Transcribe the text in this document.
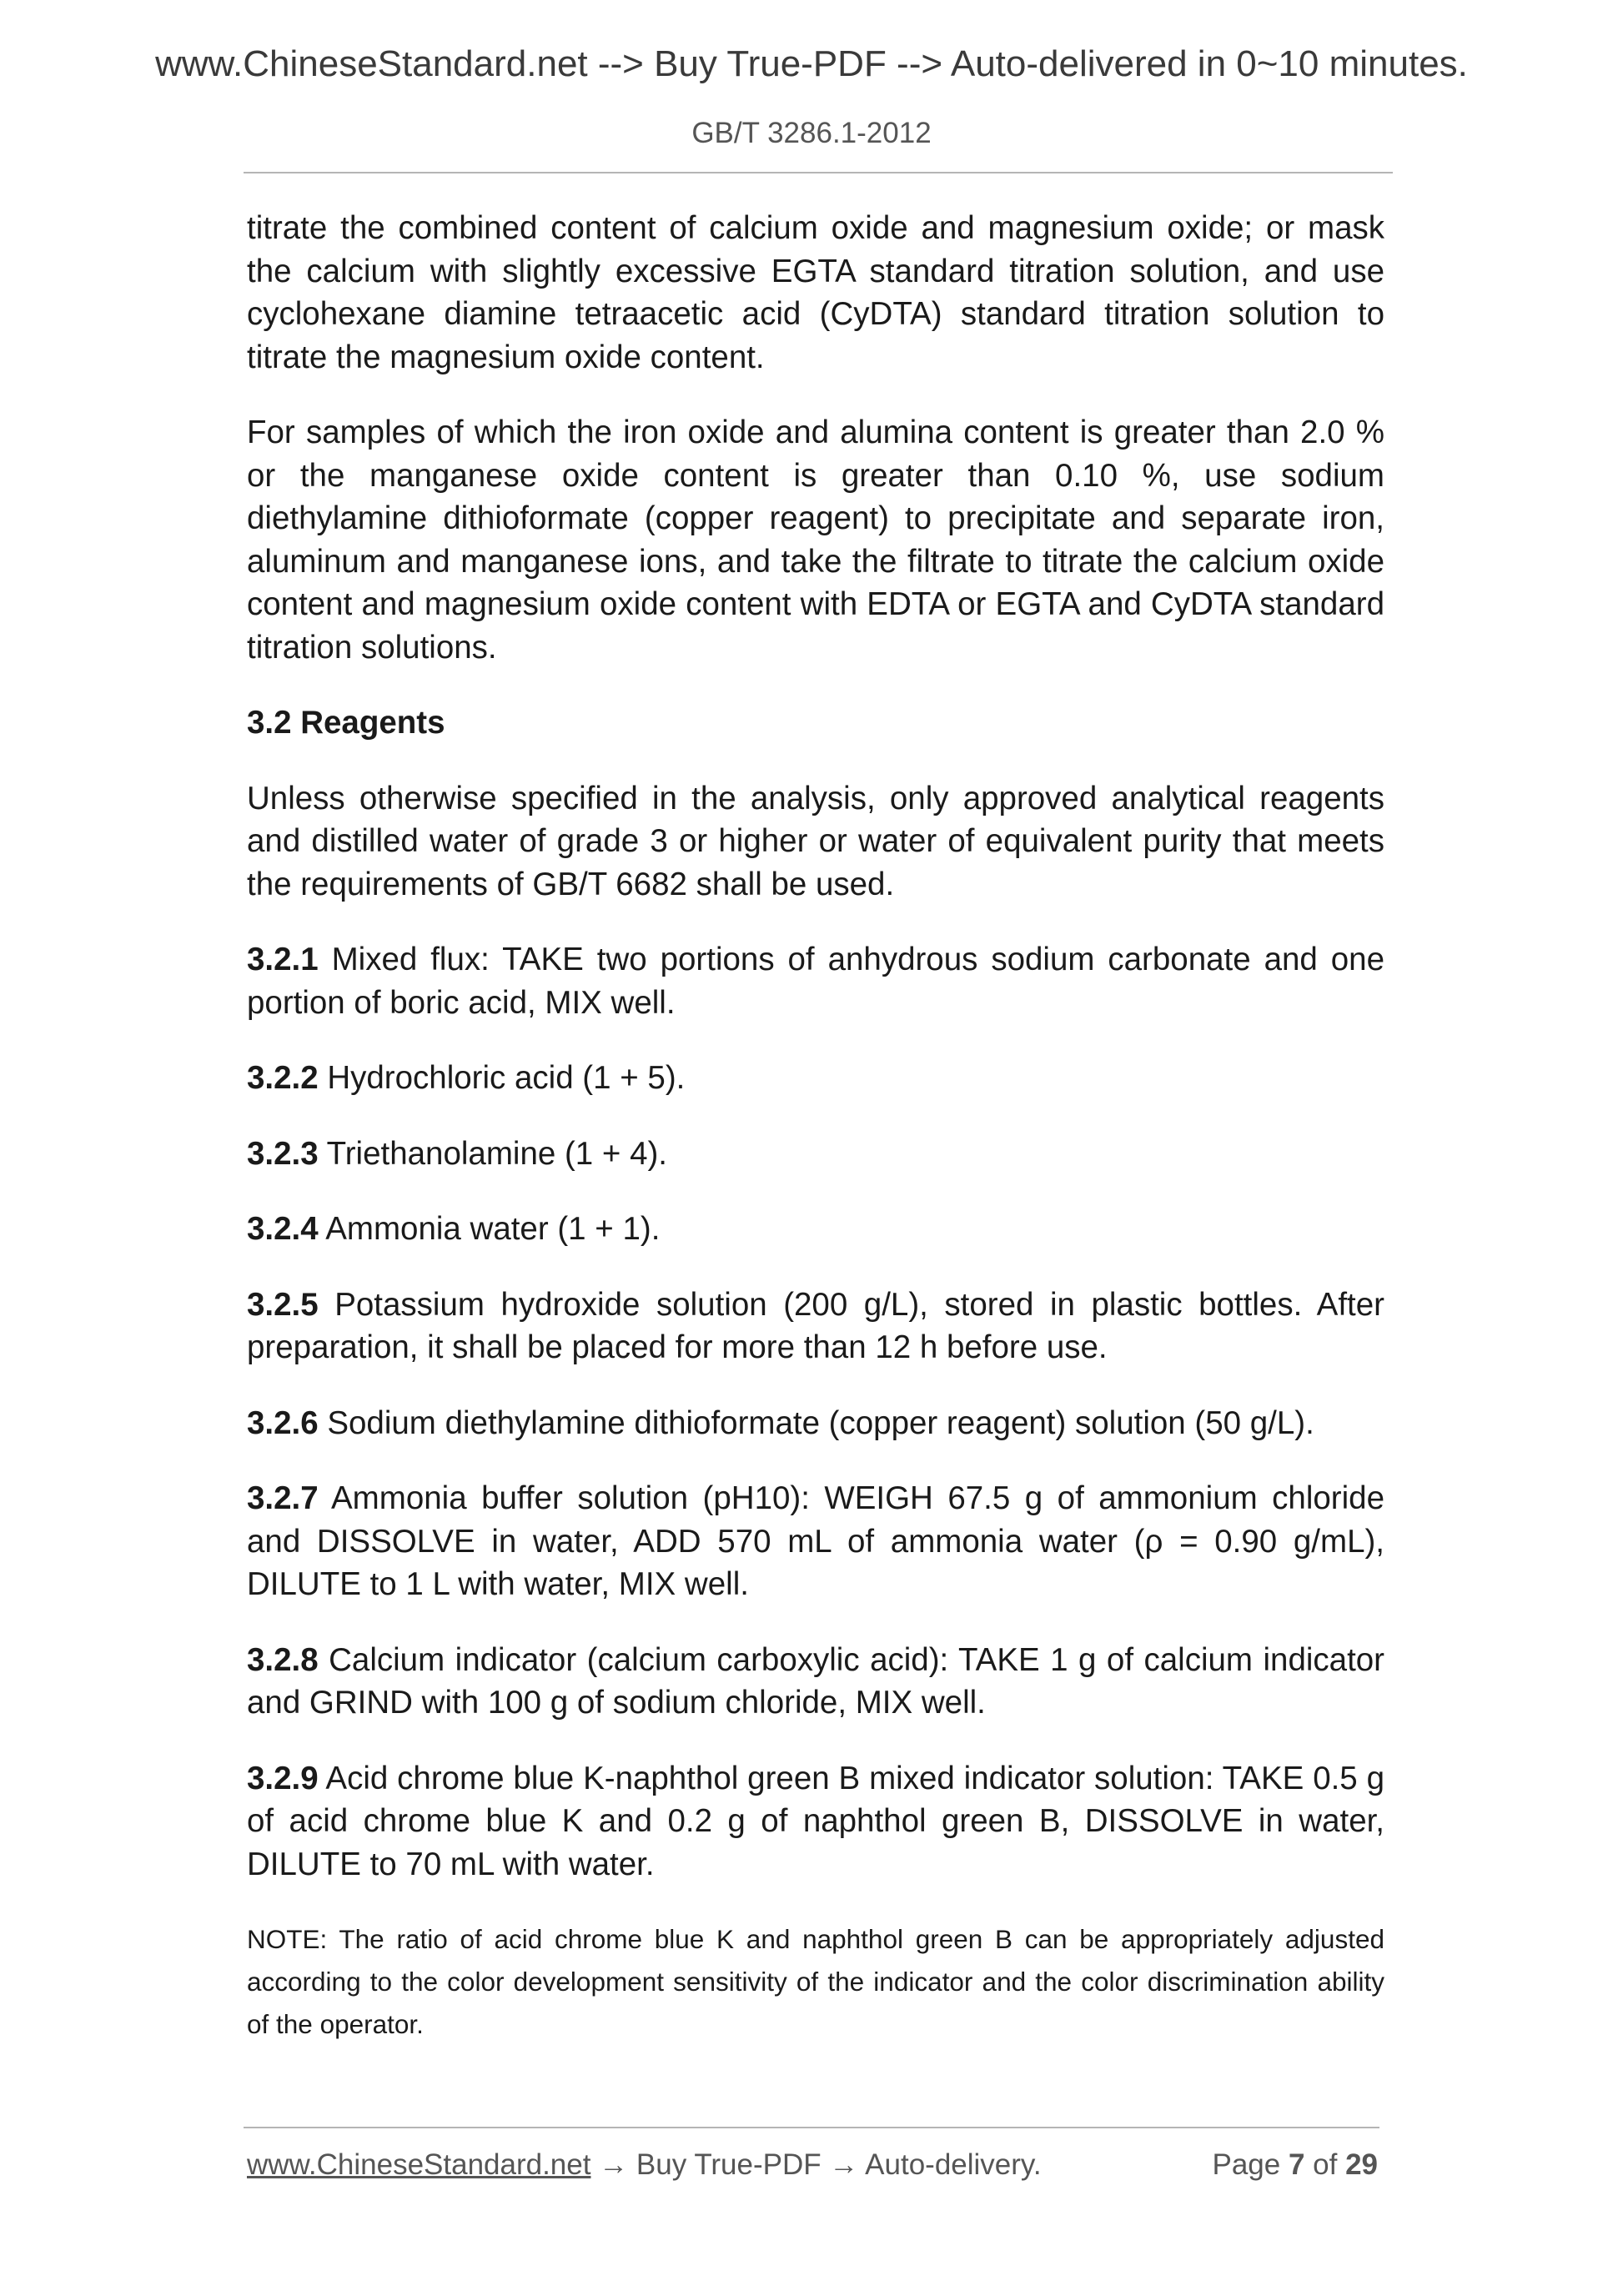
www.ChineseStandard.net --> Buy True-PDF --> Auto-delivered in 0~10 minutes.
GB/T 3286.1-2012

titrate the combined content of calcium oxide and magnesium oxide; or mask the calcium with slightly excessive EGTA standard titration solution, and use cyclohexane diamine tetraacetic acid (CyDTA) standard titration solution to titrate the magnesium oxide content.

For samples of which the iron oxide and alumina content is greater than 2.0 % or the manganese oxide content is greater than 0.10 %, use sodium diethylamine dithioformate (copper reagent) to precipitate and separate iron, aluminum and manganese ions, and take the filtrate to titrate the calcium oxide content and magnesium oxide content with EDTA or EGTA and CyDTA standard titration solutions.

3.2 Reagents

Unless otherwise specified in the analysis, only approved analytical reagents and distilled water of grade 3 or higher or water of equivalent purity that meets the requirements of GB/T 6682 shall be used.

3.2.1 Mixed flux: TAKE two portions of anhydrous sodium carbonate and one portion of boric acid, MIX well.

3.2.2 Hydrochloric acid (1 + 5).

3.2.3 Triethanolamine (1 + 4).

3.2.4 Ammonia water (1 + 1).

3.2.5 Potassium hydroxide solution (200 g/L), stored in plastic bottles. After preparation, it shall be placed for more than 12 h before use.

3.2.6 Sodium diethylamine dithioformate (copper reagent) solution (50 g/L).

3.2.7 Ammonia buffer solution (pH10): WEIGH 67.5 g of ammonium chloride and DISSOLVE in water, ADD 570 mL of ammonia water (ρ = 0.90 g/mL), DILUTE to 1 L with water, MIX well.

3.2.8 Calcium indicator (calcium carboxylic acid): TAKE 1 g of calcium indicator and GRIND with 100 g of sodium chloride, MIX well.

3.2.9 Acid chrome blue K-naphthol green B mixed indicator solution: TAKE 0.5 g of acid chrome blue K and 0.2 g of naphthol green B, DISSOLVE in water, DILUTE to 70 mL with water.

NOTE: The ratio of acid chrome blue K and naphthol green B can be appropriately adjusted according to the color development sensitivity of the indicator and the color discrimination ability of the operator.

www.ChineseStandard.net → Buy True-PDF → Auto-delivery.	Page 7 of 29
